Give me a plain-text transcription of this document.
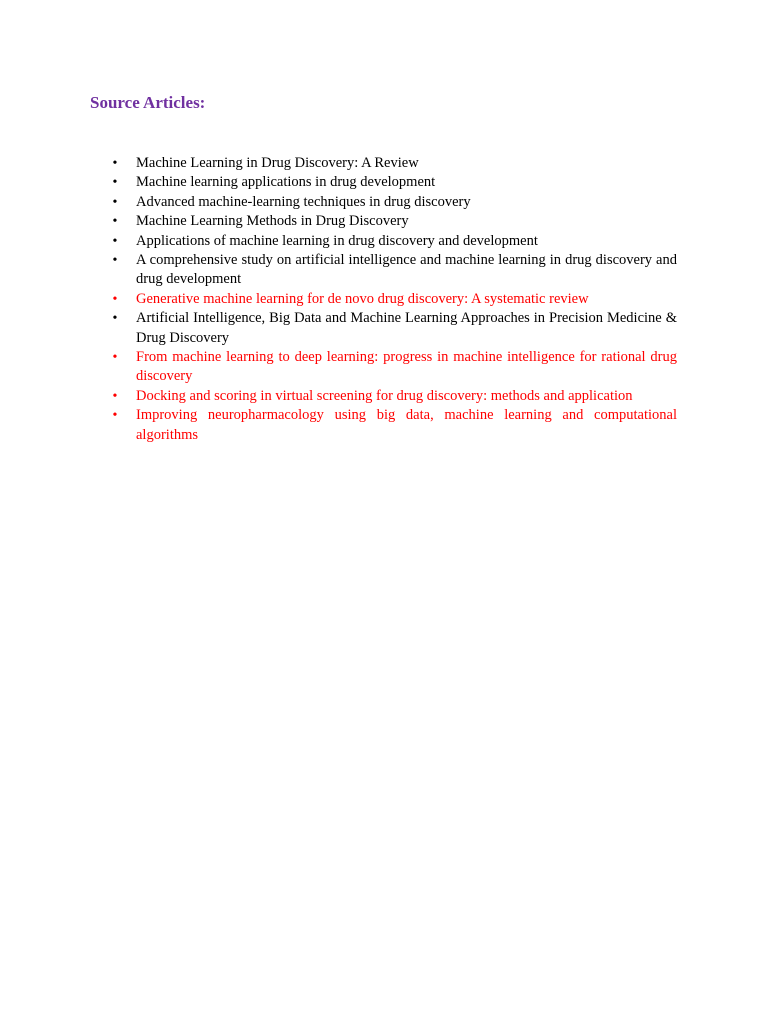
Source Articles:
• Machine Learning in Drug Discovery: A Review
• Machine learning applications in drug development
• Advanced machine-learning techniques in drug discovery
• Machine Learning Methods in Drug Discovery
• Applications of machine learning in drug discovery and development
• A comprehensive study on artificial intelligence and machine learning in drug discovery and drug development
• Generative machine learning for de novo drug discovery: A systematic review
• Artificial Intelligence, Big Data and Machine Learning Approaches in Precision Medicine & Drug Discovery
• From machine learning to deep learning: progress in machine intelligence for rational drug discovery
• Docking and scoring in virtual screening for drug discovery: methods and application
• Improving neuropharmacology using big data, machine learning and computational algorithms
